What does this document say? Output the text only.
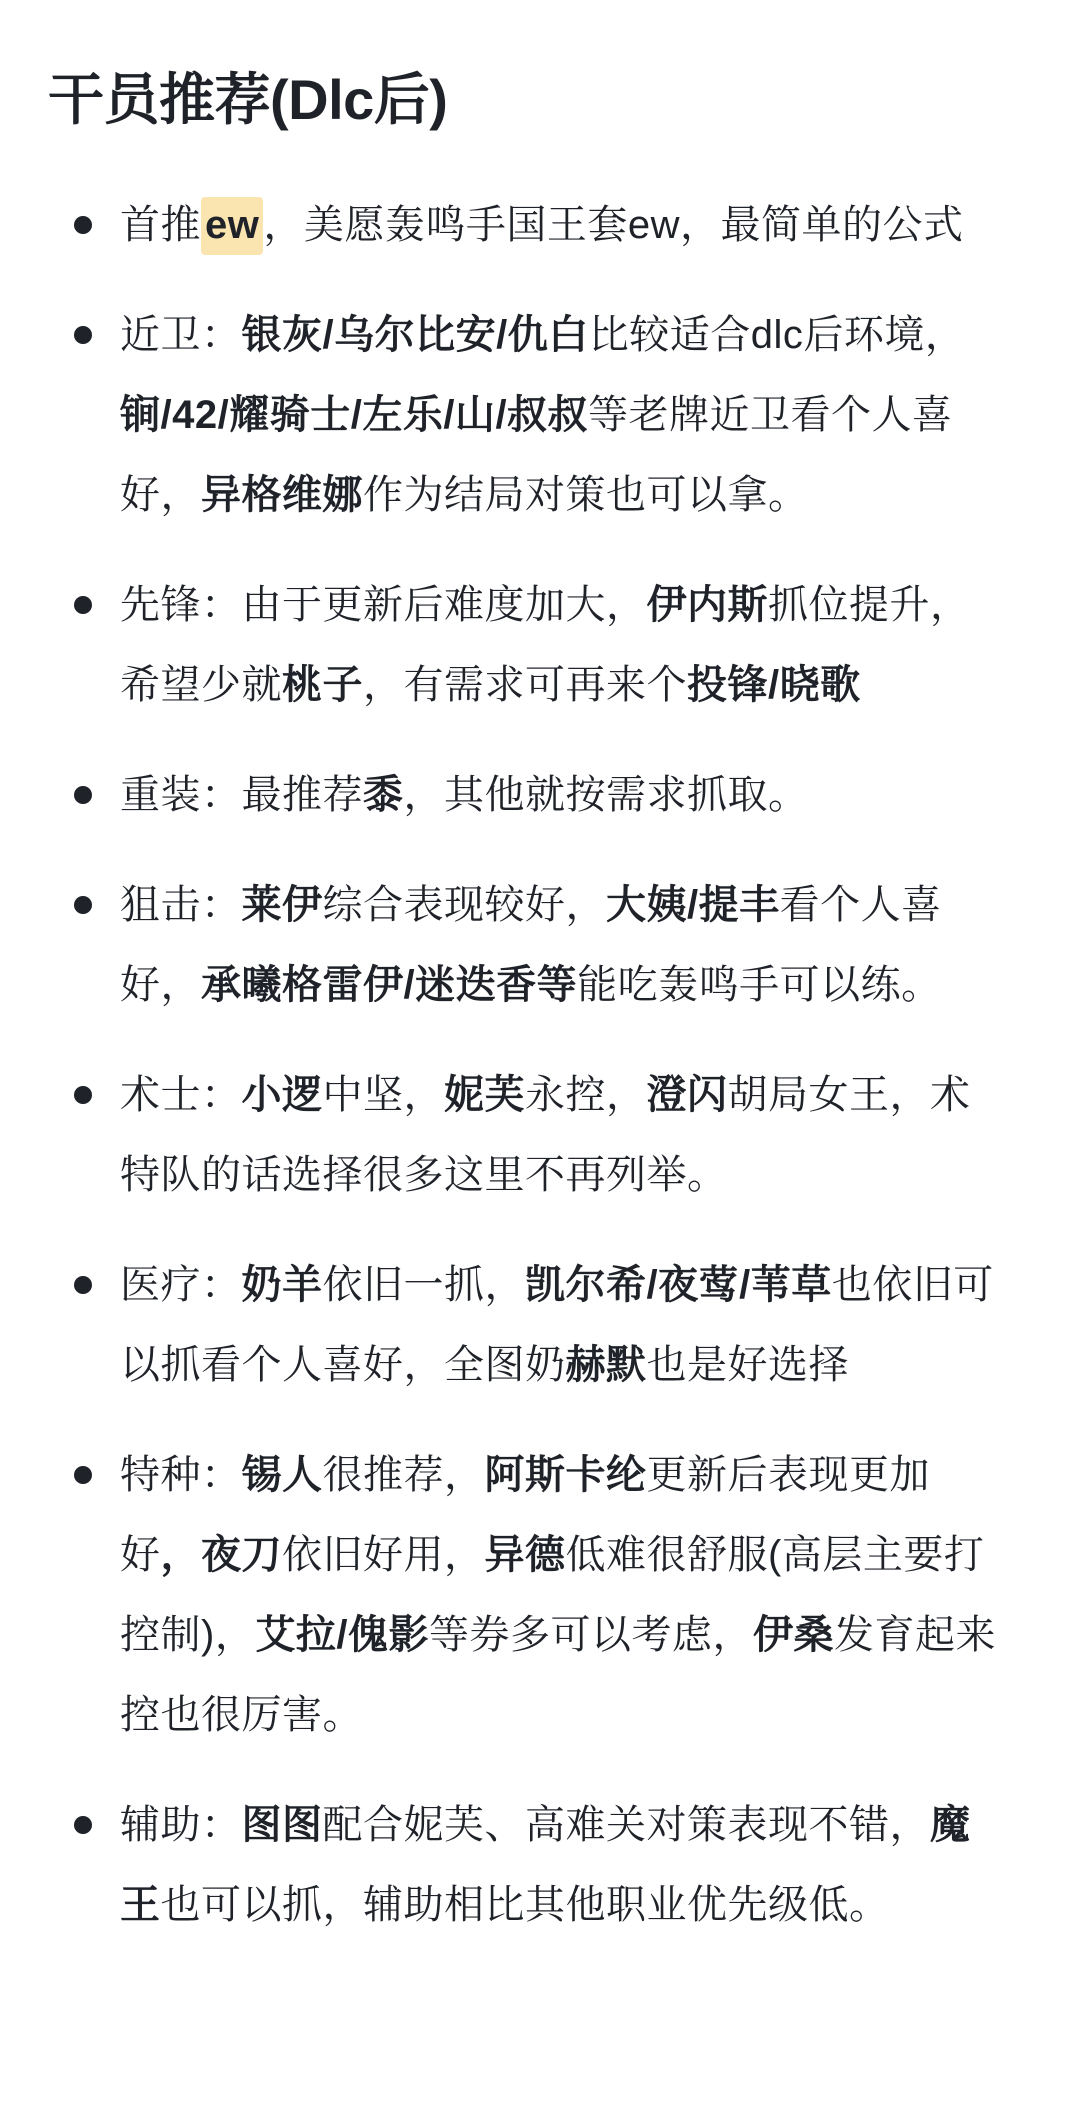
干员推荐(Dlc后)
首推 ew ，美愿轰鸣手国王套ew，最简单的公式
近卫：银灰/乌尔比安/仇白比较适合dlc后环境，锏/42/耀骑士/左乐/山/叔叔等老牌近卫看个人喜好，异格维娜作为结局对策也可以拿。
先锋：由于更新后难度加大，伊内斯抓位提升，希望少就桃子，有需求可再来个投锋/晓歌
重装：最推荐黍，其他就按需求抓取。
狙击：莱伊综合表现较好，大姨/提丰看个人喜好，承曦格雷伊/迷迭香等能吃轰鸣手可以练。
术士：小逻中坚，妮芙永控，澄闪胡局女王，术特队的话选择很多这里不再列举。
医疗：奶羊依旧一抓，凯尔希/夜莺/苇草也依旧可以抓看个人喜好，全图奶赫默也是好选择
特种：锡人很推荐，阿斯卡纶更新后表现更加好，夜刀依旧好用，异德低难很舒服(高层主要打控制)，艾拉/傀影等券多可以考虑，伊桑发育起来控也很厉害。
辅助：图图配合妮芙、高难关对策表现不错，魔王也可以抓，辅助相比其他职业优先级低。
